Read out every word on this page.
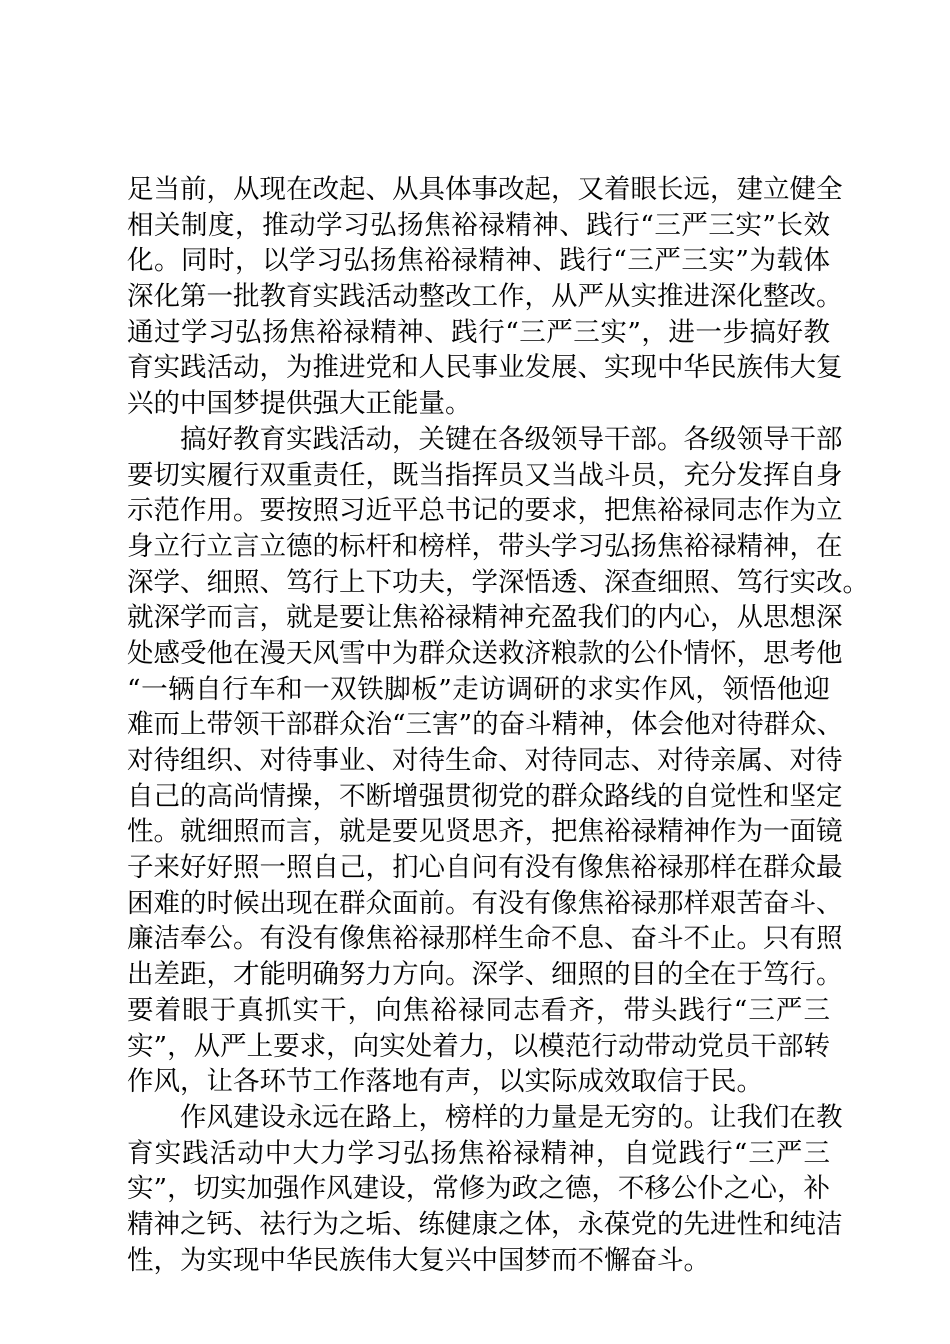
足当前，从现在改起、从具体事改起，又着眼长远，建立健全
相关制度，推动学习弘扬焦裕禄精神、践行“三严三实”长效
化。同时，以学习弘扬焦裕禄精神、践行“三严三实”为载体
深化第一批教育实践活动整改工作，从严从实推进深化整改。
通过学习弘扬焦裕禄精神、践行“三严三实”，进一步搞好教
育实践活动，为推进党和人民事业发展、实现中华民族伟大复
兴的中国梦提供强大正能量。
搞好教育实践活动，关键在各级领导干部。各级领导干部
要切实履行双重责任，既当指挥员又当战斗员，充分发挥自身
示范作用。要按照习近平总书记的要求，把焦裕禄同志作为立
身立行立言立德的标杆和榜样，带头学习弘扬焦裕禄精神，在
深学、细照、笃行上下功夫，学深悟透、深查细照、笃行实改。
就深学而言，就是要让焦裕禄精神充盈我们的内心，从思想深
处感受他在漫天风雪中为群众送救济粮款的公仆情怀，思考他
“一辆自行车和一双铁脚板”走访调研的求实作风，领悟他迎
难而上带领干部群众治“三害”的奋斗精神，体会他对待群众、
对待组织、对待事业、对待生命、对待同志、对待亲属、对待
自己的高尚情操，不断增强贯彻党的群众路线的自觉性和坚定
性。就细照而言，就是要见贤思齐，把焦裕禄精神作为一面镜
子来好好照一照自己，扪心自问有没有像焦裕禄那样在群众最
困难的时候出现在群众面前。有没有像焦裕禄那样艰苦奋斗、
廉洁奉公。有没有像焦裕禄那样生命不息、奋斗不止。只有照
出差距，才能明确努力方向。深学、细照的目的全在于笃行。
要着眼于真抓实干，向焦裕禄同志看齐，带头践行“三严三
实”，从严上要求，向实处着力，以模范行动带动党员干部转
作风，让各环节工作落地有声，以实际成效取信于民。
作风建设永远在路上，榜样的力量是无穷的。让我们在教
育实践活动中大力学习弘扬焦裕禄精神，自觉践行“三严三
实”，切实加强作风建设，常修为政之德，不移公仆之心，补
精神之钙、祛行为之垢、练健康之体，永葆党的先进性和纯洁
性，为实现中华民族伟大复兴中国梦而不懈奋斗。
